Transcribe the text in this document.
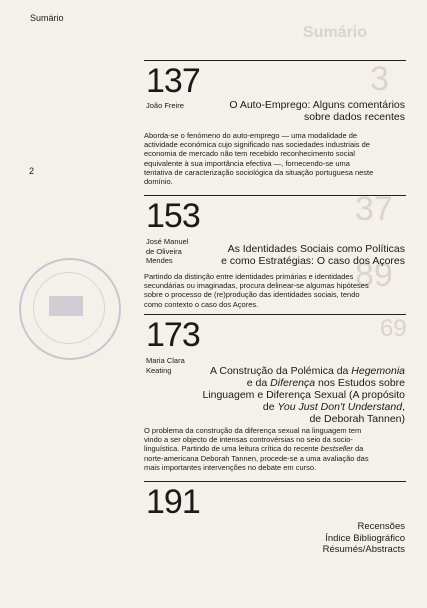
Sumário
3
37
89
69
Sumário
2
137
João Freire	O Auto-Emprego: Alguns comentários
sobre dados recentes
Aborda-se o fenómeno do auto-emprego — uma modalidade de
actividade económica cujo significado nas sociedades industriais de
economia de mercado não tem recebido reconhecimento social
equivalente à sua importância efectiva —, fornecendo-se uma
tentativa de caracterização sociológica da situação portuguesa neste
domínio.
153
José Manuel
de Oliveira
Mendes
As Identidades Sociais como Políticas
e como Estratégias: O caso dos Açores
Partindo da distinção entre identidades primárias e identidades
secundárias ou imaginadas, procura delinear-se algumas hipóteses
sobre o processo de (re)produção das identidades sociais, tendo
como contexto o caso dos Açores.
173
Maria Clara
Keating	A Construção da Polémica da Hegemonia
e da Diferença nos Estudos sobre
Linguagem e Diferença Sexual (A propósito
de You Just Don't Understand,
de Deborah Tannen)
O problema da construção da diferença sexual na linguagem tem
vindo a ser objecto de intensas controvérsias no seio da socio-
linguística. Partindo de uma leitura crítica do recente bestseller da
norte-americana Deborah Tannen, procede-se a uma avaliação das
mais importantes intervenções no debate em curso.
191
Recensões
Índice Bibliográfico
Résumés/Abstracts
